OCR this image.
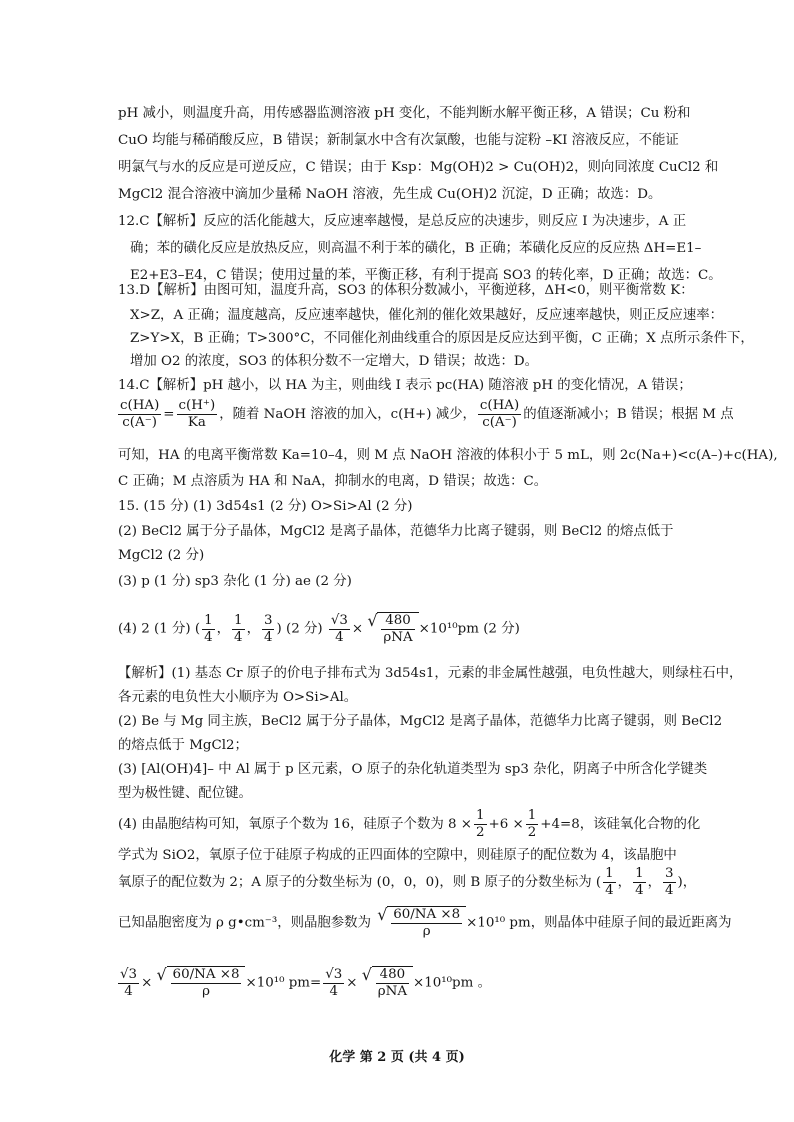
pH 减小，则温度升高，用传感器监测溶液 pH 变化，不能判断水解平衡正移，A 错误；Cu 粉和
CuO 均能与稀硝酸反应，B 错误；新制氯水中含有次氯酸，也能与淀粉 –KI 溶液反应，不能证
明氯气与水的反应是可逆反应，C 错误；由于 Ksp：Mg(OH)2 > Cu(OH)2，则向同浓度 CuCl2 和
MgCl2 混合溶液中滴加少量稀 NaOH 溶液，先生成 Cu(OH)2 沉淀，D 正确；故选：D。
12.C【解析】反应的活化能越大，反应速率越慢，是总反应的决速步，则反应 I 为决速步，A 正
确；苯的磺化反应是放热反应，则高温不利于苯的磺化，B 正确；苯磺化反应的反应热 ΔH=E1–
E2+E3–E4，C 错误；使用过量的苯，平衡正移，有利于提高 SO3 的转化率，D 正确；故选：C。
13.D【解析】由图可知，温度升高，SO3 的体积分数减小，平衡逆移，ΔH<0，则平衡常数 K：
X>Z，A 正确；温度越高，反应速率越快，催化剂的催化效果越好，反应速率越快，则正反应速率：
Z>Y>X，B 正确；T>300°C，不同催化剂曲线重合的原因是反应达到平衡，C 正确；X 点所示条件下，
增加 O2 的浓度，SO3 的体积分数不一定增大，D 错误；故选：D。
14.C【解析】pH 越小，以 HA 为主，则曲线 I 表示 pc(HA) 随溶液 pH 的变化情况，A 错误；
$\frac{c(HA)}{c(A^-)} = \frac{c(H^+)}{Ka}$ ，随着 NaOH 溶液的加入，c(H+) 减少， $\frac{c(HA)}{c(A^-)}$ 的值逐渐减小；B 错误；根据 M 点
可知，HA 的电离平衡常数 Ka=10–4，则 M 点 NaOH 溶液的体积小于 5 mL，则 2c(Na+)<c(A–)+c(HA),
C 正确；M 点溶质为 HA 和 NaA，抑制水的电离，D 错误；故选：C。
15. (15 分) (1) 3d54s1 (2 分) O>Si>Al (2 分)
(2) BeCl2 属于分子晶体，MgCl2 是离子晶体，范德华力比离子键弱，则 BeCl2 的熔点低于
MgCl2 (2 分)
(3) p (1 分) sp3 杂化 (1 分) ae (2 分)
(4) 2 (1 分) ( $\frac{1}{4}$ ， $\frac{1}{4}$ ， $\frac{3}{4}$ ) (2 分) $\frac{√3}{4}$ × √ $\frac{480}{\text{ρNA}} \times 10^{10}pm$ (2 分)
【解析】(1) 基态 Cr 原子的价电子排布式为 3d54s1，元素的非金属性越强，电负性越大，则绿柱石中，
各元素的电负性大小顺序为 O>Si>Al。
(2) Be 与 Mg 同主族，BeCl2 属于分子晶体，MgCl2 是离子晶体，范德华力比离子键弱，则 BeCl2
的熔点低于 MgCl2；
(3) [Al(OH)4]– 中 Al 属于 p 区元素，O 原子的杂化轨道类型为 sp3 杂化，阴离子中所含化学键类
型为极性键、配位键。
(4) 由晶胞结构可知，氧原子个数为 16，硅原子个数为 $8 \times \frac{1}{2} +6 \times \frac{1}{2} +4=8$，该硅氧化合物的化
学式为 SiO2，氧原子位于硅原子构成的正四面体的空隙中，则硅原子的配位数为 4，该晶胞中
氧原子的配位数为 2；A 原子的分数坐标为 (0，0，0)，则 B 原子的分数坐标为 ( $\frac{1}{4}$ ， $\frac{1}{4}$ ， $\frac{3}{4}$ )，
已知晶胞密度为 ρ g•cm⁻³，则晶胞参数为 √ $\frac{60/NA \times 8}{\rho} \times 10^{10}$ pm，则晶体中硅原子间的最近距离为
$\frac{√3}{4}$ × √ $\frac{60/NA \times 8}{\rho} \times 10^{10}$ $pm= \frac{√3}{4}$ × √ $\frac{480}{\text{ρNA}} \times 10^{10}pm$ 。
化学 第 2 页 (共 4 页)
